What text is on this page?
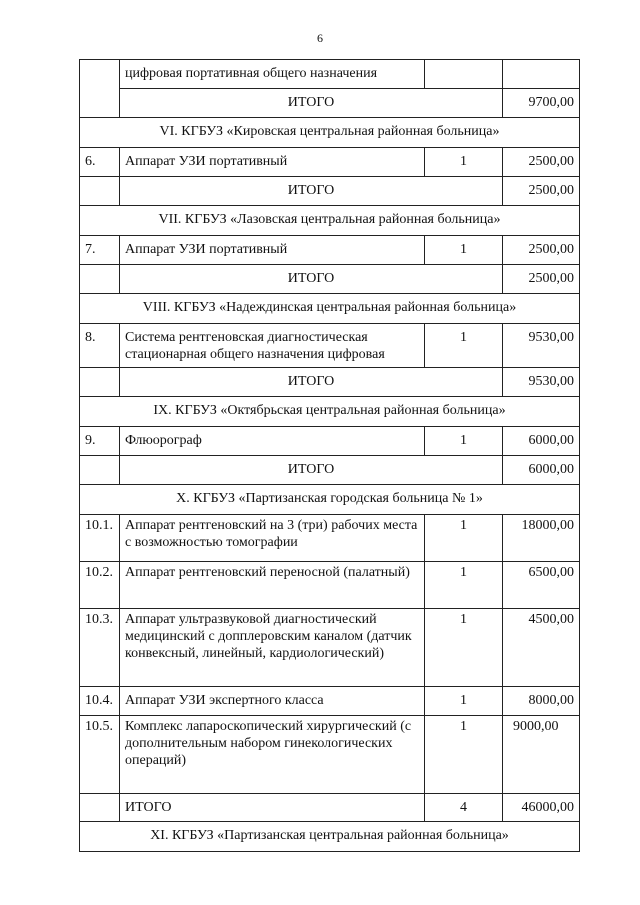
6
	цифровая портативная общего назначения		
	ИТОГО		9700,00
VI. КГБУЗ «Кировская центральная районная больница»			
6.	Аппарат УЗИ портативный	1	2500,00
	ИТОГО		2500,00
VII. КГБУЗ «Лазовская центральная районная больница»			
7.	Аппарат УЗИ портативный	1	2500,00
	ИТОГО		2500,00
VIII. КГБУЗ «Надеждинская центральная районная больница»			
8.	Система рентгеновская диагностическая стационарная общего назначения цифровая	1	9530,00
	ИТОГО		9530,00
IX. КГБУЗ «Октябрьская центральная районная больница»			
9.	Флюорограф	1	6000,00
	ИТОГО		6000,00
X. КГБУЗ «Партизанская городская больница № 1»			
10.1.	Аппарат рентгеновский на 3 (три) рабочих места с возможностью томографии	1	18000,00
10.2.	Аппарат рентгеновский переносной (палатный)	1	6500,00
10.3.	Аппарат ультразвуковой диагностический медицинский с допплеровским каналом (датчик конвексный, линейный, кардиологический)	1	4500,00
10.4.	Аппарат УЗИ экспертного класса	1	8000,00
10.5.	Комплекс лапароскопический хирургический (с дополнительным набором гинекологических операций)	1	9000,00
	ИТОГО	4	46000,00
XI. КГБУЗ «Партизанская центральная районная больница»			
